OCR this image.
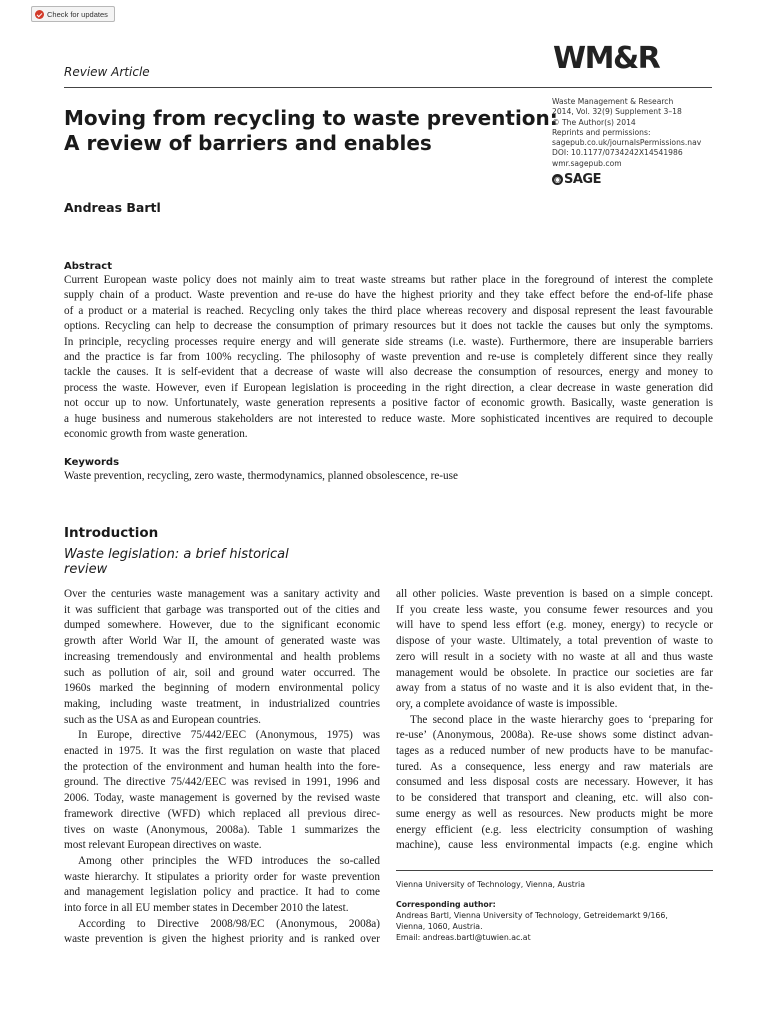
Check for updates
WM&R
Review Article
Moving from recycling to waste prevention:
A review of barriers and enables
Waste Management & Research
2014, Vol. 32(9) Supplement 3–18
© The Author(s) 2014
Reprints and permissions:
sagepub.co.uk/journalsPermissions.nav
DOI: 10.1177/0734242X14541986
wmr.sagepub.com
◉ SAGE
Andreas Bartl
Abstract
Current European waste policy does not mainly aim to treat waste streams but rather place in the foreground of interest the complete
supply chain of a product. Waste prevention and re-use do have the highest priority and they take effect before the end-of-life phase
of a product or a material is reached. Recycling only takes the third place whereas recovery and disposal represent the least favourable
options. Recycling can help to decrease the consumption of primary resources but it does not tackle the causes but only the symptoms.
In principle, recycling processes require energy and will generate side streams (i.e. waste). Furthermore, there are insuperable barriers
and the practice is far from 100% recycling. The philosophy of waste prevention and re-use is completely different since they really
tackle the causes. It is self-evident that a decrease of waste will also decrease the consumption of resources, energy and money to
process the waste. However, even if European legislation is proceeding in the right direction, a clear decrease in waste generation did
not occur up to now. Unfortunately, waste generation represents a positive factor of economic growth. Basically, waste generation is
a huge business and numerous stakeholders are not interested to reduce waste. More sophisticated incentives are required to decouple
economic growth from waste generation.
Keywords
Waste prevention, recycling, zero waste, thermodynamics, planned obsolescence, re-use
Introduction
Waste legislation: a brief historical
review
Over the centuries waste management was a sanitary activity and
it was sufficient that garbage was transported out of the cities and
dumped somewhere. However, due to the significant economic
growth after World War II, the amount of generated waste was
increasing tremendously and environmental and health problems
such as pollution of air, soil and ground water occurred. The
1960s marked the beginning of modern environmental policy
making, including waste treatment, in industrialized countries
such as the USA as and European countries.
In Europe, directive 75/442/EEC (Anonymous, 1975) was
enacted in 1975. It was the first regulation on waste that placed
the protection of the environment and human health into the fore-
ground. The directive 75/442/EEC was revised in 1991, 1996 and
2006. Today, waste management is governed by the revised waste
framework directive (WFD) which replaced all previous direc-
tives on waste (Anonymous, 2008a). Table 1 summarizes the
most relevant European directives on waste.
Among other principles the WFD introduces the so-called
waste hierarchy. It stipulates a priority order for waste prevention
and management legislation policy and practice. It had to come
into force in all EU member states in December 2010 the latest.
According to Directive 2008/98/EC (Anonymous, 2008a)
waste prevention is given the highest priority and is ranked over
all other policies. Waste prevention is based on a simple concept.
If you create less waste, you consume fewer resources and you
will have to spend less effort (e.g. money, energy) to recycle or
dispose of your waste. Ultimately, a total prevention of waste to
zero will result in a society with no waste at all and thus waste
management would be obsolete. In practice our societies are far
away from a status of no waste and it is also evident that, in the-
ory, a complete avoidance of waste is impossible.
The second place in the waste hierarchy goes to ‘preparing for
re-use’ (Anonymous, 2008a). Re-use shows some distinct advan-
tages as a reduced number of new products have to be manufac-
tured. As a consequence, less energy and raw materials are
consumed and less disposal costs are necessary. However, it has
to be considered that transport and cleaning, etc. will also con-
sume energy as well as resources. New products might be more
energy efficient (e.g. less electricity consumption of washing
machine), cause less environmental impacts (e.g. engine which
Vienna University of Technology, Vienna, Austria
Corresponding author:
Andreas Bartl, Vienna University of Technology, Getreidemarkt 9/166,
Vienna, 1060, Austria.
Email: andreas.bartl@tuwien.ac.at
